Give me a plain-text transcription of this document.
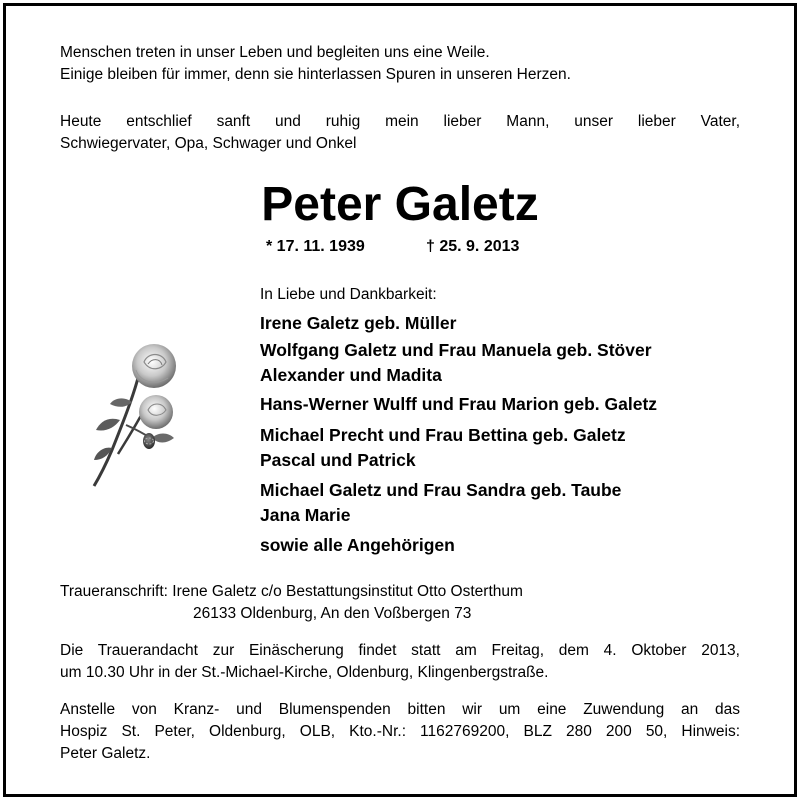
Menschen treten in unser Leben und begleiten uns eine Weile.

Einige bleiben für immer, denn sie hinterlassen Spuren in unseren Herzen.

Heute entschlief sanft und ruhig mein lieber Mann, unser lieber Vater,

Schwiegervater, Opa, Schwager und Onkel

Peter Galetz
* 17. 11. 1939	† 25. 9. 2013

In Liebe und Dankbarkeit:

Irene Galetz geb. Müller
Wolfgang Galetz und Frau Manuela geb. Stöver
Alexander und Madita
Hans-Werner Wulff und Frau Marion geb. Galetz
Michael Precht und Frau Bettina geb. Galetz
Pascal und Patrick
Michael Galetz und Frau Sandra geb. Taube
Jana Marie
sowie alle Angehörigen

Traueranschrift: Irene Galetz c/o Bestattungsinstitut Otto Osterthum

26133 Oldenburg, An den Voßbergen 73

Die Trauerandacht zur Einäscherung findet statt am Freitag, dem 4. Oktober 2013,

um 10.30 Uhr in der St.-Michael-Kirche, Oldenburg, Klingenbergstraße.

Anstelle von Kranz- und Blumenspenden bitten wir um eine Zuwendung an das

Hospiz St. Peter, Oldenburg, OLB, Kto.-Nr.: 1162769200, BLZ 280 200 50, Hinweis:

Peter Galetz.
